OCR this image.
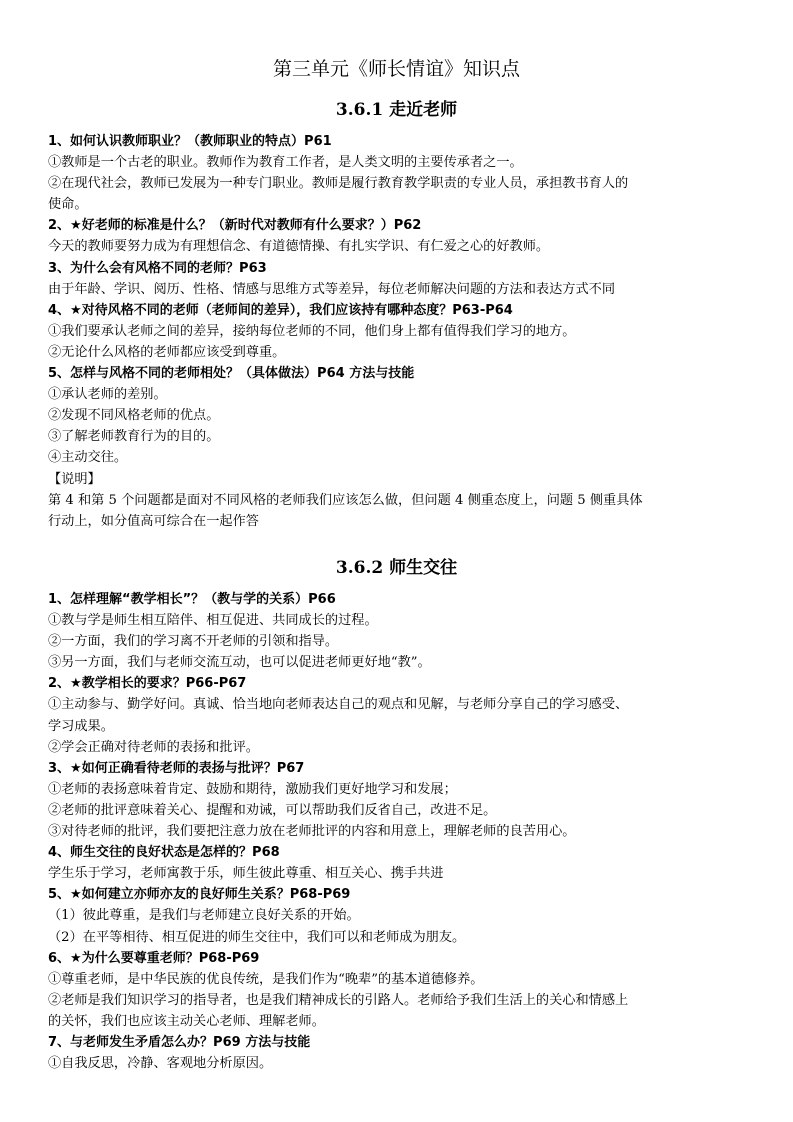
第三单元《师长情谊》知识点
3.6.1 走近老师
1、如何认识教师职业？（教师职业的特点）P61
①教师是一个古老的职业。教师作为教育工作者，是人类文明的主要传承者之一。
②在现代社会，教师已发展为一种专门职业。教师是履行教育教学职责的专业人员，承担教书育人的
使命。
2、★好老师的标准是什么？（新时代对教师有什么要求？）P62
今天的教师要努力成为有理想信念、有道德情操、有扎实学识、有仁爱之心的好教师。
3、为什么会有风格不同的老师？P63
由于年龄、学识、阅历、性格、情感与思维方式等差异，每位老师解决问题的方法和表达方式不同
4、★对待风格不同的老师（老师间的差异），我们应该持有哪种态度？P63-P64
①我们要承认老师之间的差异，接纳每位老师的不同，他们身上都有值得我们学习的地方。
②无论什么风格的老师都应该受到尊重。
5、怎样与风格不同的老师相处？（具体做法）P64 方法与技能
①承认老师的差别。
②发现不同风格老师的优点。
③了解老师教育行为的目的。
④主动交往。
【说明】
第 4 和第 5 个问题都是面对不同风格的老师我们应该怎么做，但问题 4 侧重态度上，问题 5 侧重具体
行动上，如分值高可综合在一起作答
3.6.2 师生交往
1、怎样理解“教学相长”？（教与学的关系）P66
①教与学是师生相互陪伴、相互促进、共同成长的过程。
②一方面，我们的学习离不开老师的引领和指导。
③另一方面，我们与老师交流互动，也可以促进老师更好地“教”。
2、★教学相长的要求？P66-P67
①主动参与、勤学好问。真诚、恰当地向老师表达自己的观点和见解，与老师分享自己的学习感受、
学习成果。
②学会正确对待老师的表扬和批评。
3、★如何正确看待老师的表扬与批评？P67
①老师的表扬意味着肯定、鼓励和期待，激励我们更好地学习和发展；
②老师的批评意味着关心、提醒和劝诫，可以帮助我们反省自己，改进不足。
③对待老师的批评，我们要把注意力放在老师批评的内容和用意上，理解老师的良苦用心。
4、师生交往的良好状态是怎样的？P68
学生乐于学习，老师寓教于乐，师生彼此尊重、相互关心、携手共进
5、★如何建立亦师亦友的良好师生关系？P68-P69
（1）彼此尊重，是我们与老师建立良好关系的开始。
（2）在平等相待、相互促进的师生交往中，我们可以和老师成为朋友。
6、★为什么要尊重老师？P68-P69
①尊重老师，是中华民族的优良传统，是我们作为“晚辈”的基本道德修养。
②老师是我们知识学习的指导者，也是我们精神成长的引路人。老师给予我们生活上的关心和情感上
的关怀，我们也应该主动关心老师、理解老师。
7、与老师发生矛盾怎么办？P69 方法与技能
①自我反思，冷静、客观地分析原因。
